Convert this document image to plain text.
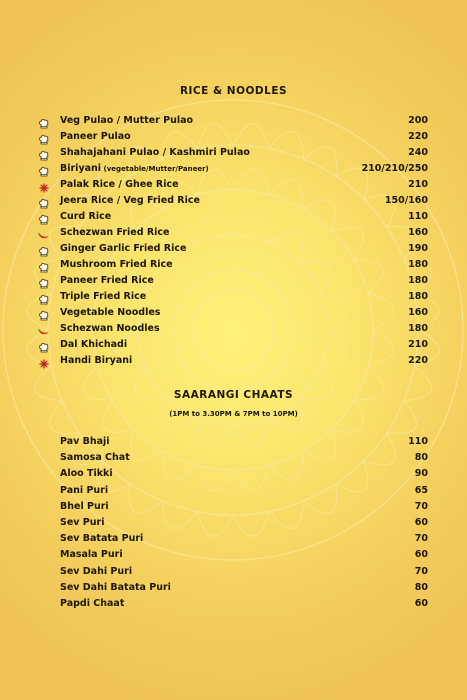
RICE & NOODLES
Veg Pulao / Mutter Pulao	200
Paneer Pulao	220
Shahajahani Pulao / Kashmiri Pulao	240
Biriyani (vegetable/Mutter/Paneer)	210/210/250
Palak Rice / Ghee Rice	210
Jeera Rice / Veg Fried Rice	150/160
Curd Rice	110
Schezwan Fried Rice	160
Ginger Garlic Fried Rice	190
Mushroom Fried Rice	180
Paneer Fried Rice	180
Triple Fried Rice	180
Vegetable Noodles	160
Schezwan Noodles	180
Dal Khichadi	210
Handi Biryani	220
SAARANGI CHAATS
(1PM to 3.30PM & 7PM to 10PM)
Pav Bhaji	110
Samosa Chat	80
Aloo Tikki	90
Pani Puri	65
Bhel Puri	70
Sev Puri	60
Sev Batata Puri	70
Masala Puri	60
Sev Dahi Puri	70
Sev Dahi Batata Puri	80
Papdi Chaat	60
